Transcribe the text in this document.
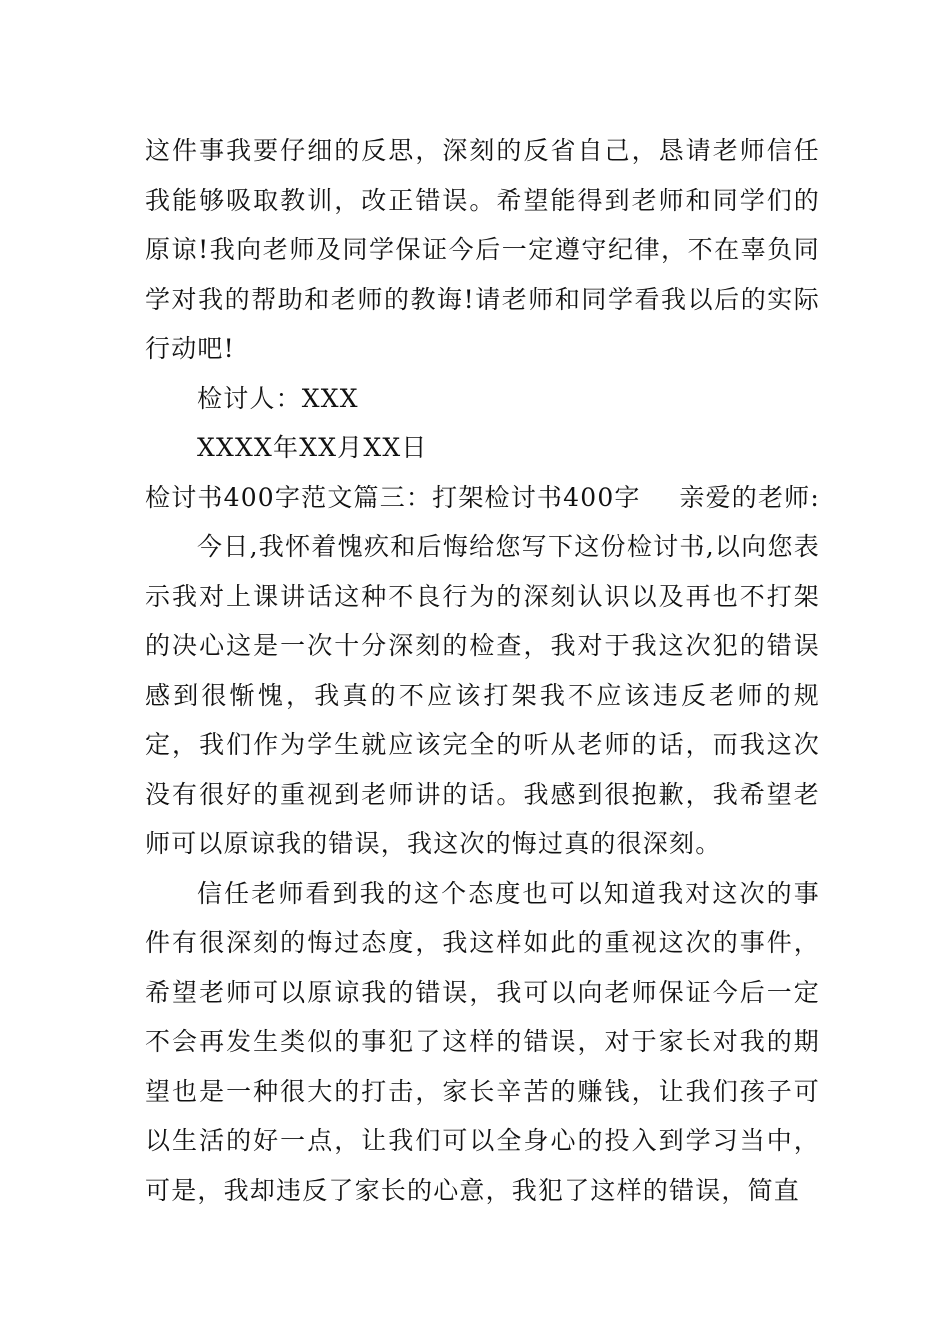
这件事我要仔细的反思，深刻的反省自己，恳请老师信任我能够吸取教训，改正错误。希望能得到老师和同学们的原谅!我向老师及同学保证今后一定遵守纪律，不在辜负同学对我的帮助和老师的教诲!请老师和同学看我以后的实际行动吧!

检讨人：XXX

XXXX年XX月XX日

检讨书400字范文篇三：打架检讨书400字 亲爱的老师:

今日,我怀着愧疚和后悔给您写下这份检讨书,以向您表示我对上课讲话这种不良行为的深刻认识以及再也不打架的决心这是一次十分深刻的检查，我对于我这次犯的错误感到很惭愧，我真的不应该打架我不应该违反老师的规定，我们作为学生就应该完全的听从老师的话，而我这次没有很好的重视到老师讲的话。我感到很抱歉，我希望老师可以原谅我的错误，我这次的悔过真的很深刻。

信任老师看到我的这个态度也可以知道我对这次的事件有很深刻的悔过态度，我这样如此的重视这次的事件，希望老师可以原谅我的错误，我可以向老师保证今后一定不会再发生类似的事犯了这样的错误，对于家长对我的期望也是一种很大的打击，家长辛苦的赚钱，让我们孩子可以生活的好一点，让我们可以全身心的投入到学习当中，可是，我却违反了家长的心意，我犯了这样的错误，简直
